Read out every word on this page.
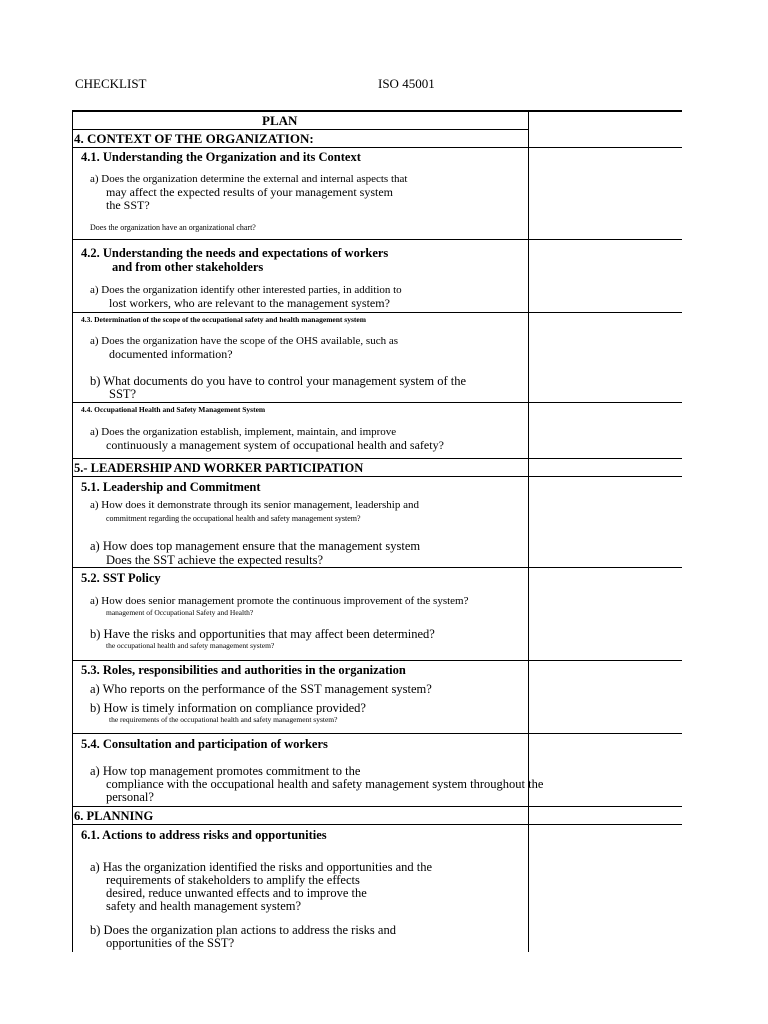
CHECKLIST	ISO 45001
PLAN
4. CONTEXT OF THE ORGANIZATION:
4.1. Understanding the Organization and its Context
a) Does the organization determine the external and internal aspects that
may affect the expected results of your management system
the SST?
Does the organization have an organizational chart?
4.2. Understanding the needs and expectations of workers
and from other stakeholders
a) Does the organization identify other interested parties, in addition to
lost workers, who are relevant to the management system?
4.3. Determination of the scope of the occupational safety and health management system
a) Does the organization have the scope of the OHS available, such as
documented information?
b) What documents do you have to control your management system of the
SST?
4.4. Occupational Health and Safety Management System
a) Does the organization establish, implement, maintain, and improve
continuously a management system of occupational health and safety?
5.- LEADERSHIP AND WORKER PARTICIPATION
5.1. Leadership and Commitment
a) How does it demonstrate through its senior management, leadership and
commitment regarding the occupational health and safety management system?
a) How does top management ensure that the management system
Does the SST achieve the expected results?
5.2. SST Policy
a) How does senior management promote the continuous improvement of the system?
management of Occupational Safety and Health?
b) Have the risks and opportunities that may affect been determined?
the occupational health and safety management system?
5.3. Roles, responsibilities and authorities in the organization
a) Who reports on the performance of the SST management system?
b) How is timely information on compliance provided?
the requirements of the occupational health and safety management system?
5.4. Consultation and participation of workers
a) How top management promotes commitment to the
compliance with the occupational health and safety management system throughout the
personal?
6. PLANNING
6.1. Actions to address risks and opportunities
a) Has the organization identified the risks and opportunities and the
requirements of stakeholders to amplify the effects
desired, reduce unwanted effects and to improve the
safety and health management system?
b) Does the organization plan actions to address the risks and
opportunities of the SST?
